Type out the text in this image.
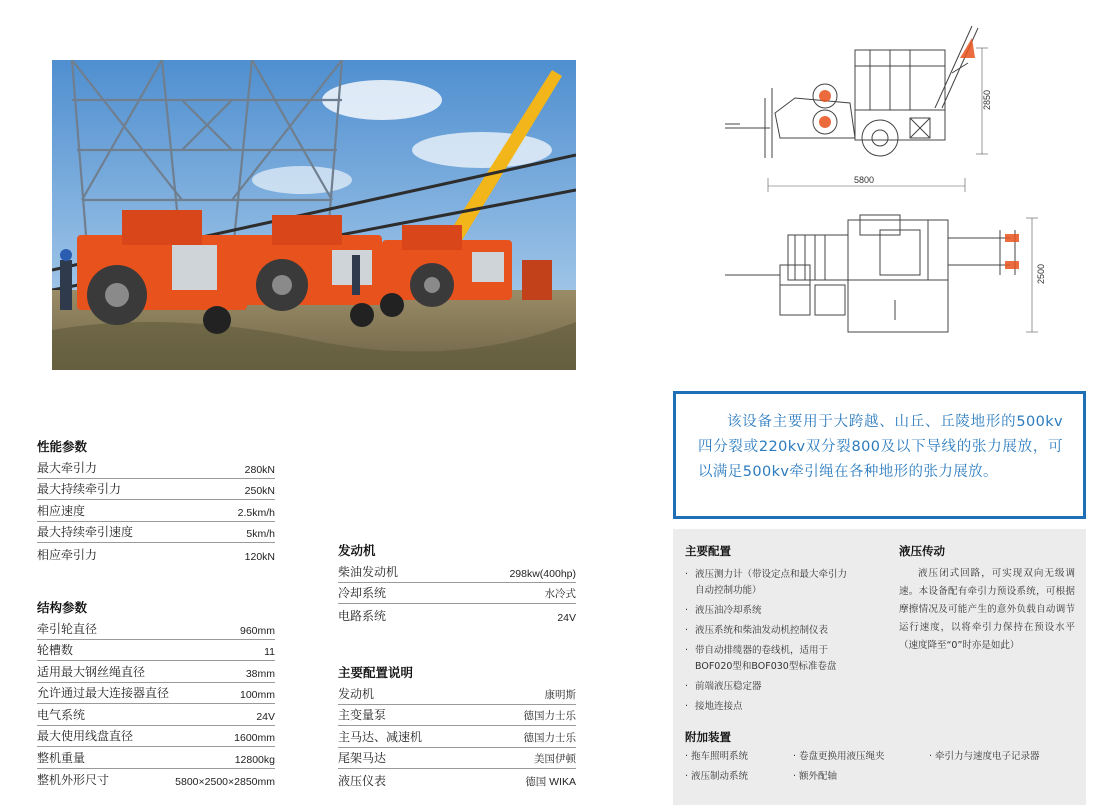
5800
2850
2500
性能参数
最大牵引力	280kN
最大持续牵引力	250kN
相应速度	2.5km/h
最大持续牵引速度	5km/h
相应牵引力	120kN
结构参数
牵引轮直径	960mm
轮槽数	11
适用最大钢丝绳直径	38mm
允许通过最大连接器直径	100mm
电气系统	24V
最大使用线盘直径	1600mm
整机重量	12800kg
整机外形尺寸	5800×2500×2850mm
发动机
柴油发动机	298kw(400hp)
冷却系统	水冷式
电路系统	24V
主要配置说明
发动机	康明斯
主变量泵	德国力士乐
主马达、减速机	德国力士乐
尾架马达	美国伊顿
液压仪表	德国 WIKA

该设备主要用于大跨越、山丘、丘陵地形的500kv四分裂或220kv双分裂800及以下导线的张力展放，可以满足500kv牵引绳在各种地形的张力展放。

主要配置
· 液压测力计（带设定点和最大牵引力
自动控制功能）
· 液压油冷却系统
· 液压系统和柴油发动机控制仪表
· 带自动排缆器的卷线机，适用于
BOF020型和BOF030型标准卷盘
· 前端液压稳定器
· 接地连接点
液压传动

液压闭式回路，可实现双向无级调速。本设备配有牵引力预设系统，可根据摩擦情况及可能产生的意外负载自动调节运行速度，以将牵引力保持在预设水平（速度降至“0”时亦是如此）

附加装置
· 拖车照明系统	· 卷盘更换用液压绳夹	· 牵引力与速度电子记录器
· 液压制动系统	· 额外配轴
